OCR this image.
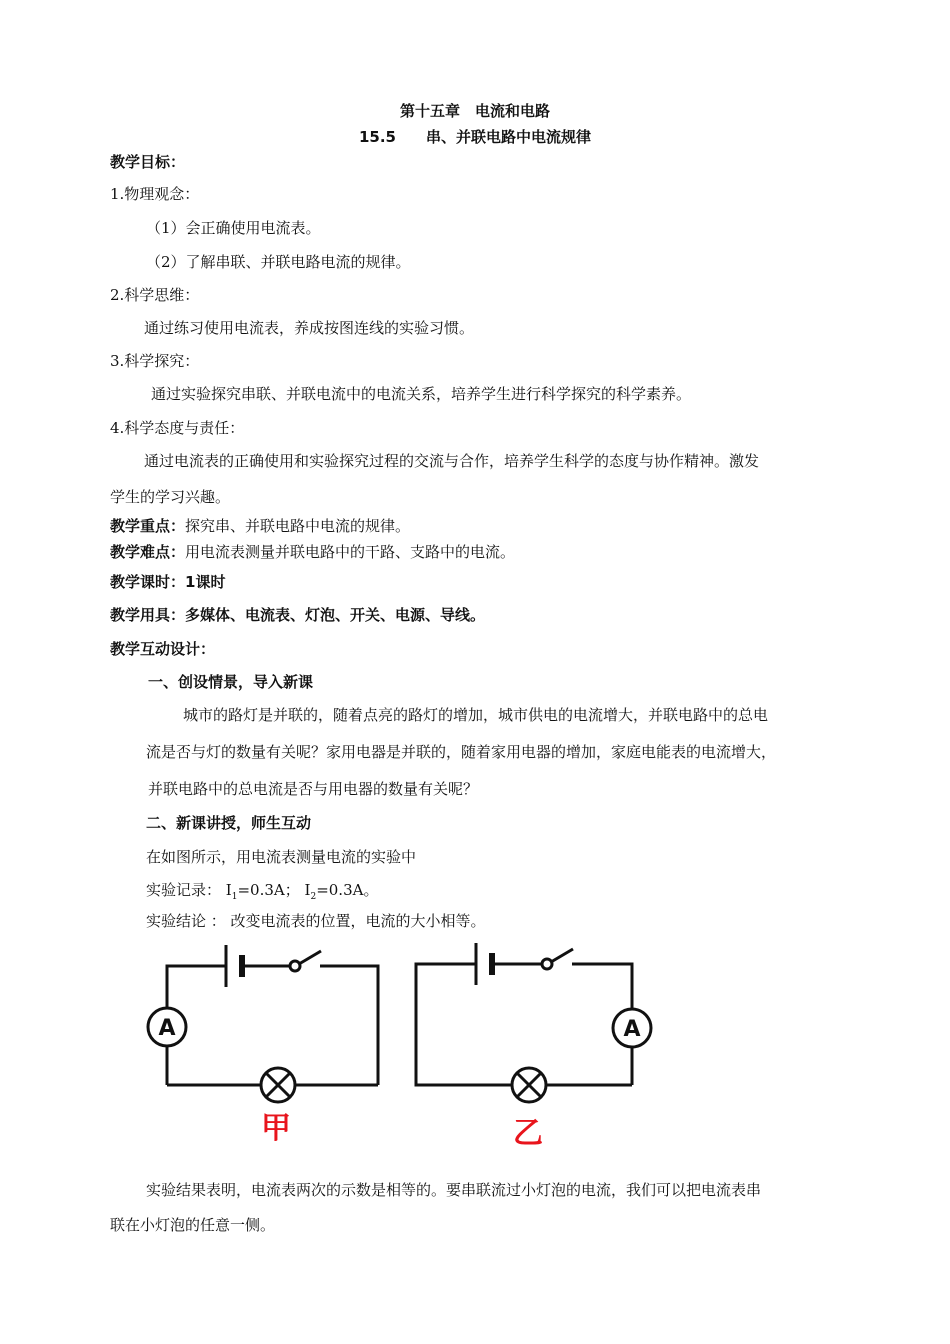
第十五章　电流和电路
15.5　　串、并联电路中电流规律
教学目标：
1.物理观念：
（1）会正确使用电流表。
（2）了解串联、并联电路电流的规律。
2.科学思维：
通过练习使用电流表，养成按图连线的实验习惯。
3.科学探究：
通过实验探究串联、并联电流中的电流关系，培养学生进行科学探究的科学素养。
4.科学态度与责任：
通过电流表的正确使用和实验探究过程的交流与合作，培养学生科学的态度与协作精神。激发
学生的学习兴趣。
教学重点：探究串、并联电路中电流的规律。
教学难点：用电流表测量并联电路中的干路、支路中的电流。
教学课时：1课时
教学用具：多媒体、电流表、灯泡、开关、电源、导线。
教学互动设计：
一、创设情景，导入新课
城市的路灯是并联的，随着点亮的路灯的增加，城市供电的电流增大，并联电路中的总电
流是否与灯的数量有关呢？家用电器是并联的，随着家用电器的增加，家庭电能表的电流增大，
并联电路中的总电流是否与用电器的数量有关呢？
二、新课讲授，师生互动
在如图所示，用电流表测量电流的实验中
实验记录： $I_1=0.3A$； $I_2=0.3A$。
实验结论 ： 改变电流表的位置，电流的大小相等。
A
甲
A
乙
实验结果表明，电流表两次的示数是相等的。要串联流过小灯泡的电流，我们可以把电流表串
联在小灯泡的任意一侧。
